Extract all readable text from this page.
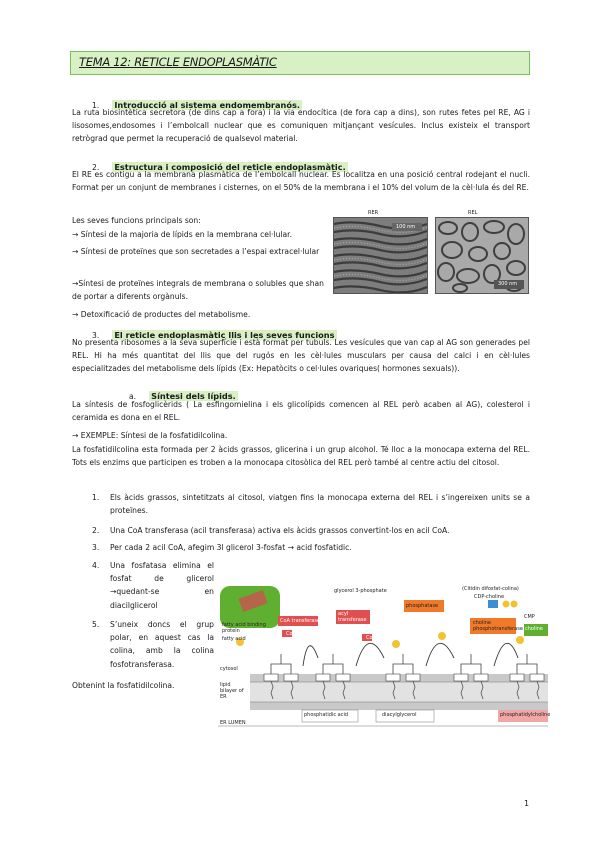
TEMA 12: RETICLE ENDOPLASMÀTIC
1. Introducció al sistema endomembranós.

La ruta biosintètica secretora (de dins cap a fora) i la via endocítica (de fora cap a dins), son rutes fetes pel RE, AG i lisosomes,endosomes i l’embolcall nuclear que es comuniquen mitjançant vesícules. Inclus existeix el transport retrògrad que permet la recuperació de qualsevol material.

2. Estructura i composició del reticle endoplasmàtic.

El RE es contigu a la membrana plasmàtica de l’embolcall nuclear. Es localitza en una posició central rodejant el nucli. Format per un conjunt de membranes i cisternes, on el 50% de la membrana i el 10% del volum de la cèl·lula és del RE.

Les seves funcions principals son:

→ Síntesi de la majoria de lípids en la membrana cel·lular.

→ Síntesi de proteïnes que son secretades a l’espai extracel·lular

→Síntesi de proteïnes integrals de membrana o solubles que shan de portar a diferents orgànuls.

→ Detoxificació de productes del metabolisme.

RER
100 nm
REL
300 nm
3. El reticle endoplasmàtic llis i les seves funcions

No presenta ribosomes a la seva superfície i està format per tubuls. Les vesícules que van cap al AG son generades pel REL. Hi ha més quantitat del llis que del rugós en les cèl·lules musculars per causa del calci i en cèl·lules especialitzades del metabolisme dels lípids (Ex: Hepatòcits o cel·lules ovariques( hormones sexuals)).

a. Síntesi dels lípids.

La síntesis de fosfoglicèrids ( La esfingomielina i els glicolípids comencen al REL però acaben al AG), colesterol i ceramida es dona en el REL.

→ EXEMPLE: Síntesi de la fosfatidilcolina.

La fosfatidilcolina esta formada per 2 àcids grassos, glicerina i un grup alcohol. Té lloc a la monocapa externa del REL. Tots els enzims que participen es troben a la monocapa citosòlica del REL però també al centre actiu del citosol.

1. Els àcids grassos, sintetitzats al citosol, viatgen fins la monocapa externa del REL i s’ingereixen units se a proteïnes.

2. Una CoA transferasa (acil transferasa) activa els àcids grassos convertint-los en acil CoA.

3. Per cada 2 acil CoA, afegim 3l glicerol 3-fosfat → acid fosfatidic.

4. Una fosfatasa elimina el fosfat de glicerol →quedant-se en diacilglicerol

5. S’uneix doncs el grup polar, en aquest cas la colina, amb la colina fosfotransferasa.

Obtenint la fosfatidilcolina.
fatty acid
fatty acid binding protein
CoA transferase
CoA
CoA
glycerol 3-phosphate
acyl transferase
phosphatase
choline phosphotransferase
CDP-choline
(Citidin difosfat-colina)
choline
CMP
cytosol
lipid bilayer of ER
ER LUMEN
phosphatidic acid	diacylglycerol	phosphatidylcholine
1
